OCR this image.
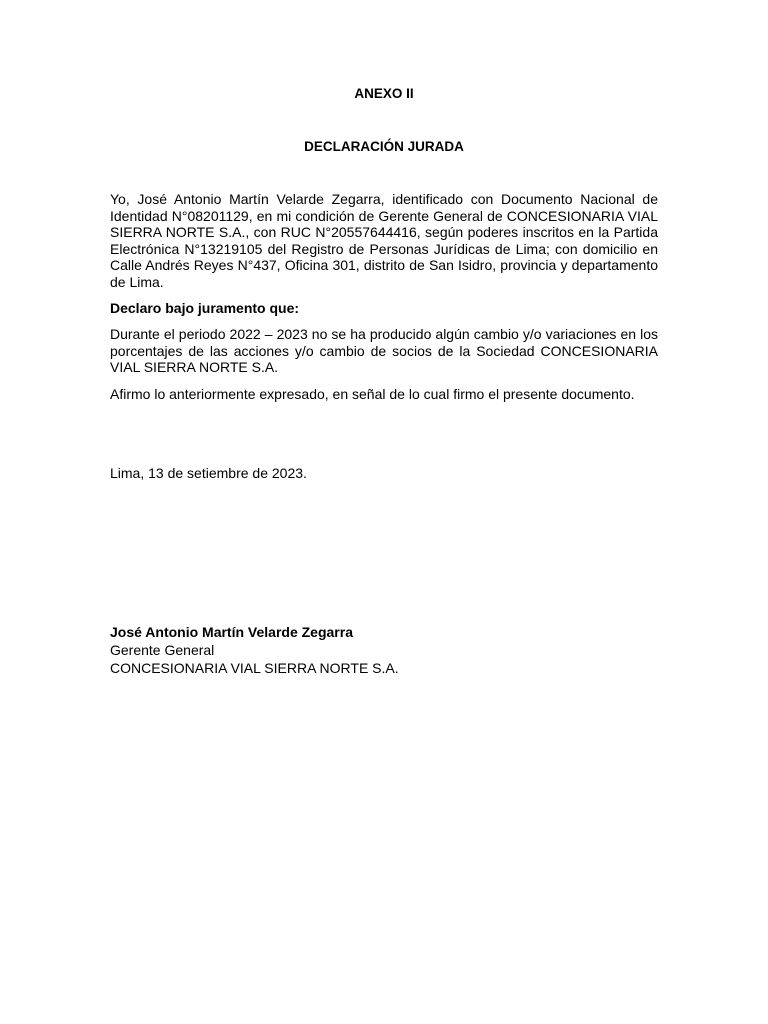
ANEXO II
DECLARACIÓN JURADA
Yo, José Antonio Martín Velarde Zegarra, identificado con Documento Nacional de Identidad N°08201129, en mi condición de Gerente General de CONCESIONARIA VIAL SIERRA NORTE S.A., con RUC N°20557644416, según poderes inscritos en la Partida Electrónica N°13219105 del Registro de Personas Jurídicas de Lima; con domicilio en Calle Andrés Reyes N°437, Oficina 301, distrito de San Isidro, provincia y departamento de Lima.
Declaro bajo juramento que:
Durante el periodo 2022 – 2023 no se ha producido algún cambio y/o variaciones en los porcentajes de las acciones y/o cambio de socios de la Sociedad CONCESIONARIA VIAL SIERRA NORTE S.A.
Afirmo lo anteriormente expresado, en señal de lo cual firmo el presente documento.
Lima, 13 de setiembre de 2023.
José Antonio Martín Velarde Zegarra
Gerente General
CONCESIONARIA VIAL SIERRA NORTE S.A.
